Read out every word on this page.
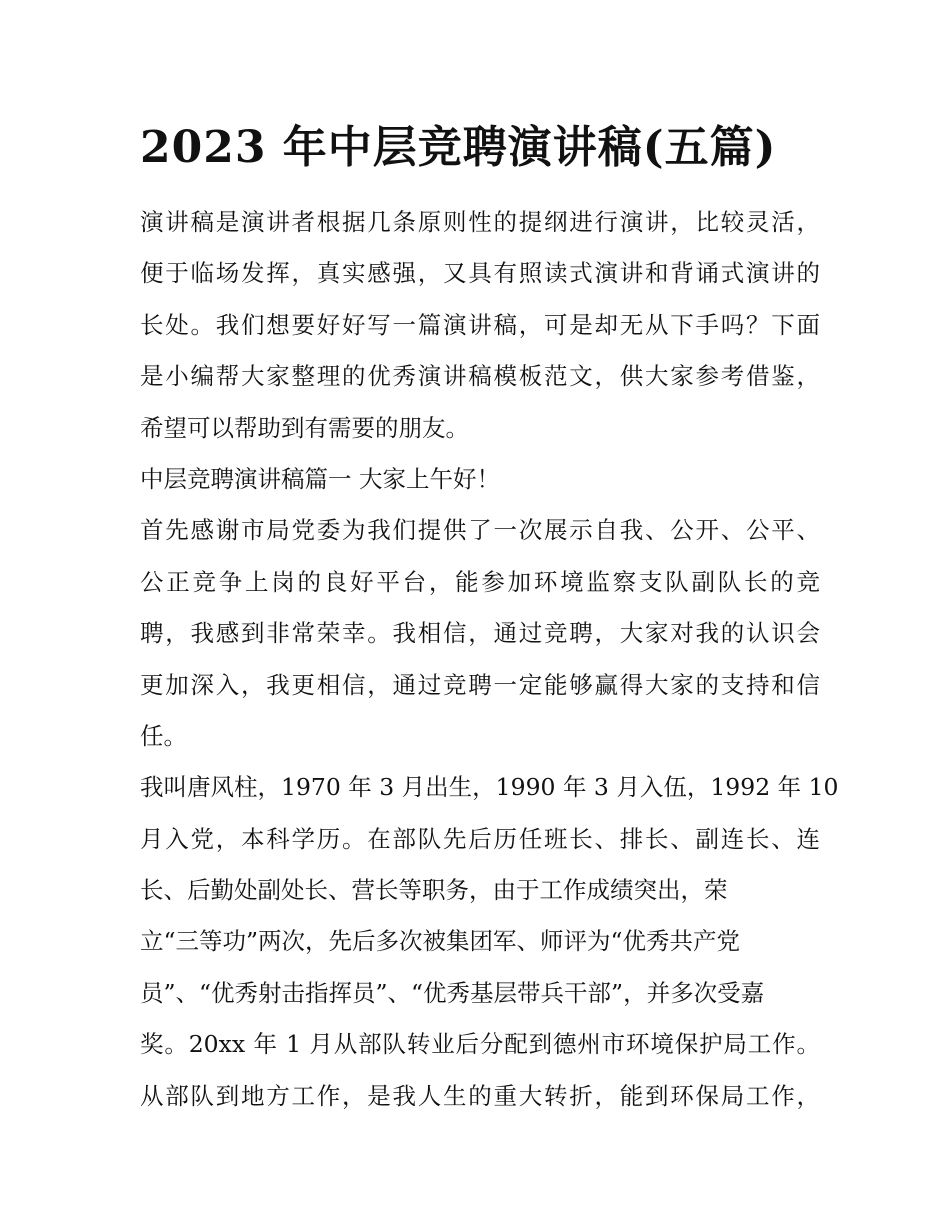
2023 年中层竞聘演讲稿(五篇)

演讲稿是演讲者根据几条原则性的提纲进行演讲，比较灵活，

便于临场发挥，真实感强，又具有照读式演讲和背诵式演讲的

长处。我们想要好好写一篇演讲稿，可是却无从下手吗？下面

是小编帮大家整理的优秀演讲稿模板范文，供大家参考借鉴，

希望可以帮助到有需要的朋友。

中层竞聘演讲稿篇一 大家上午好！

首先感谢市局党委为我们提供了一次展示自我、公开、公平、

公正竞争上岗的良好平台，能参加环境监察支队副队长的竞

聘，我感到非常荣幸。我相信，通过竞聘，大家对我的认识会

更加深入，我更相信，通过竞聘一定能够赢得大家的支持和信

任。

我叫唐风柱，1970 年 3 月出生，1990 年 3 月入伍，1992 年 10

月入党，本科学历。在部队先后历任班长、排长、副连长、连

长、后勤处副处长、营长等职务，由于工作成绩突出，荣

立“三等功”两次，先后多次被集团军、师评为“优秀共产党

员”、“优秀射击指挥员”、“优秀基层带兵干部”，并多次受嘉

奖。20xx 年 1 月从部队转业后分配到德州市环境保护局工作。

从部队到地方工作，是我人生的重大转折，能到环保局工作，
